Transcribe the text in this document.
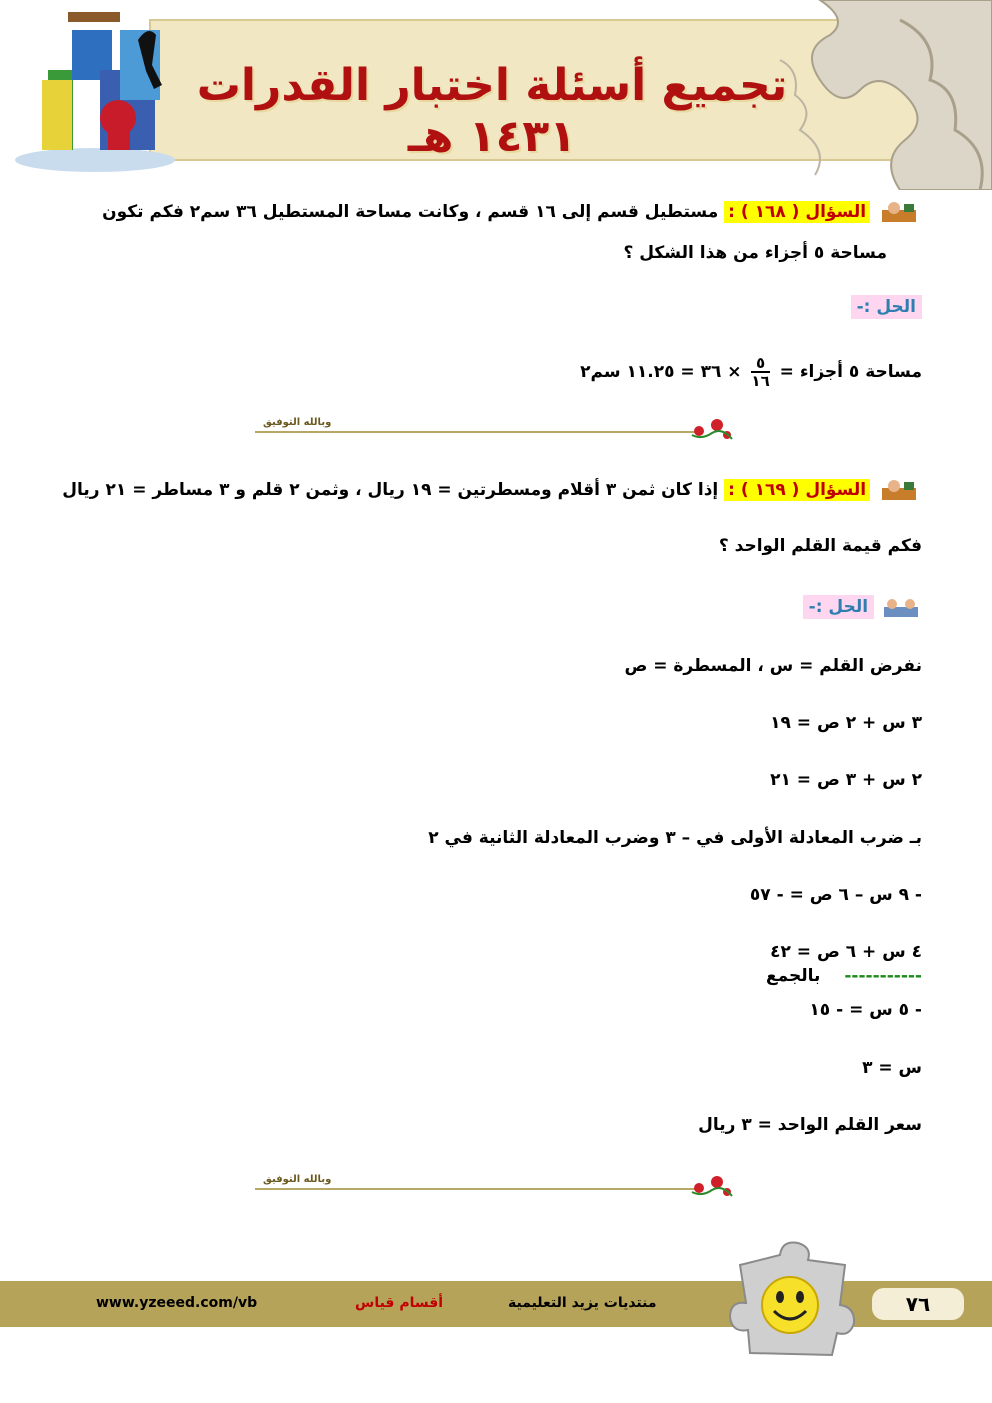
تجميع أسئلة اختبار القدرات ١٤٣١ هـ
السؤال ( ١٦٨ ) : مستطيل قسم إلى ١٦ قسم ، وكانت مساحة المستطيل ٣٦ سم٢ فكم تكون
مساحة ٥ أجزاء من هذا الشكل ؟
الحل :-
مساحة ٥ أجزاء =
$\frac{٥}{١٦}$
× ٣٦ = ١١.٢٥ سم٢
وبالله التوفيق
السؤال ( ١٦٩ ) : إذا كان ثمن ٣ أقلام ومسطرتين = ١٩ ريال ، وثمن ٢ قلم و ٣ مساطر = ٢١ ريال
فكم قيمة القلم الواحد ؟
الحل :-
نفرض القلم = س ، المسطرة = ص
٣ س + ٢ ص = ١٩
٢ س + ٣ ص = ٢١
بـ ضرب المعادلة الأولى في – ٣ وضرب المعادلة الثانية في ٢
- ٩ س – ٦ ص = - ٥٧
٤ س + ٦ ص = ٤٢
----------- بالجمع
- ٥ س = - ١٥
س = ٣
سعر القلم الواحد = ٣ ريال
وبالله التوفيق
www.yzeeed.com/vb	أقسام قياس	منتديات يزيد التعليمية	٧٦
